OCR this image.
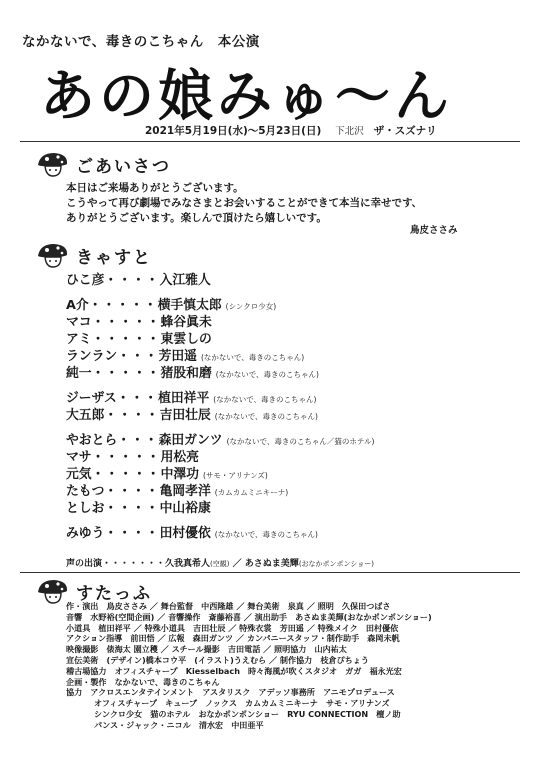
なかないで、毒きのこちゃん　本公演
あの娘みゅ〜ん
2021年5月19日(水)〜5月23日(日) 下北沢 ザ・スズナリ
ごあいさつ
本日はご来場ありがとうございます。
こうやって再び劇場でみなさまとお会いすることができて本当に幸せです、
ありがとうございます。楽しんで頂けたら嬉しいです。
鳥皮ささみ
きゃすと
ひこ彦・・・・入江雅人
A介・・・・・横手慎太郎 (シンクロ少女)
マコ・・・・・蜂谷眞未
アミ・・・・・東雲しの
ランラン・・・芳田遥 (なかないで、毒きのこちゃん)
純一・・・・・猪股和磨 (なかないで、毒きのこちゃん)
ジーザス・・・植田祥平 (なかないで、毒きのこちゃん)
大五郎・・・・吉田壮辰 (なかないで、毒きのこちゃん)
やおとら・・・森田ガンツ (なかないで、毒きのこちゃん／猫のホテル)
マサ・・・・・用松亮
元気・・・・・中澤功 (サモ・アリナンズ)
たもつ・・・・亀岡孝洋 (カムカムミニキーナ)
としお・・・・中山裕康
みゆう・・・・田村優依 (なかないで、毒きのこちゃん)
声の出演・・・・・・・久我真希人(空観) ／ あさぬま美輝(おなかポンポンショー)
すたっふ
作・演出　鳥皮ささみ ／ 舞台監督　中西隆雄 ／ 舞台美術　泉真 ／ 照明　久保田つばさ
音響　水野裕(空間企画) ／ 音響操作　斎藤裕喜 ／ 演出助手　あさぬま美輝(おなかポンポンショー)
小道具　植田祥平 ／ 特殊小道具　吉田壮辰 ／ 特殊衣裳　芳田遥 ／ 特殊メイク　田村優依
アクション指導　前田悟 ／ 広報　森田ガンツ ／ カンパニースタッフ・制作助手　森岡未帆
映像撮影　俵海太 園立穫 ／ スチール撮影　吉田電話 ／ 照明協力　山内祐太
宣伝美術　(デザイン)橋本コウ平　(イラスト)うえむら ／ 制作協力　枝倉ぴちょう
稽古場協力　オフィスチャープ　Kiesselbach　時々海風が吹くスタジオ　ガガ　福永光宏
企画・製作　なかないで、毒きのこちゃん
協力　アクロスエンタテインメント　アスタリスク　アデッソ事務所　アニモプロデュース
オフィスチャープ　キューブ　ノックス　カムカムミニキーナ　サモ・アリナンズ
シンクロ少女　猫のホテル　おなかポンポンショー　RYU CONNECTION　檀ノ助
パンス・ジャック・ニコル　清水宏　中田亜平
